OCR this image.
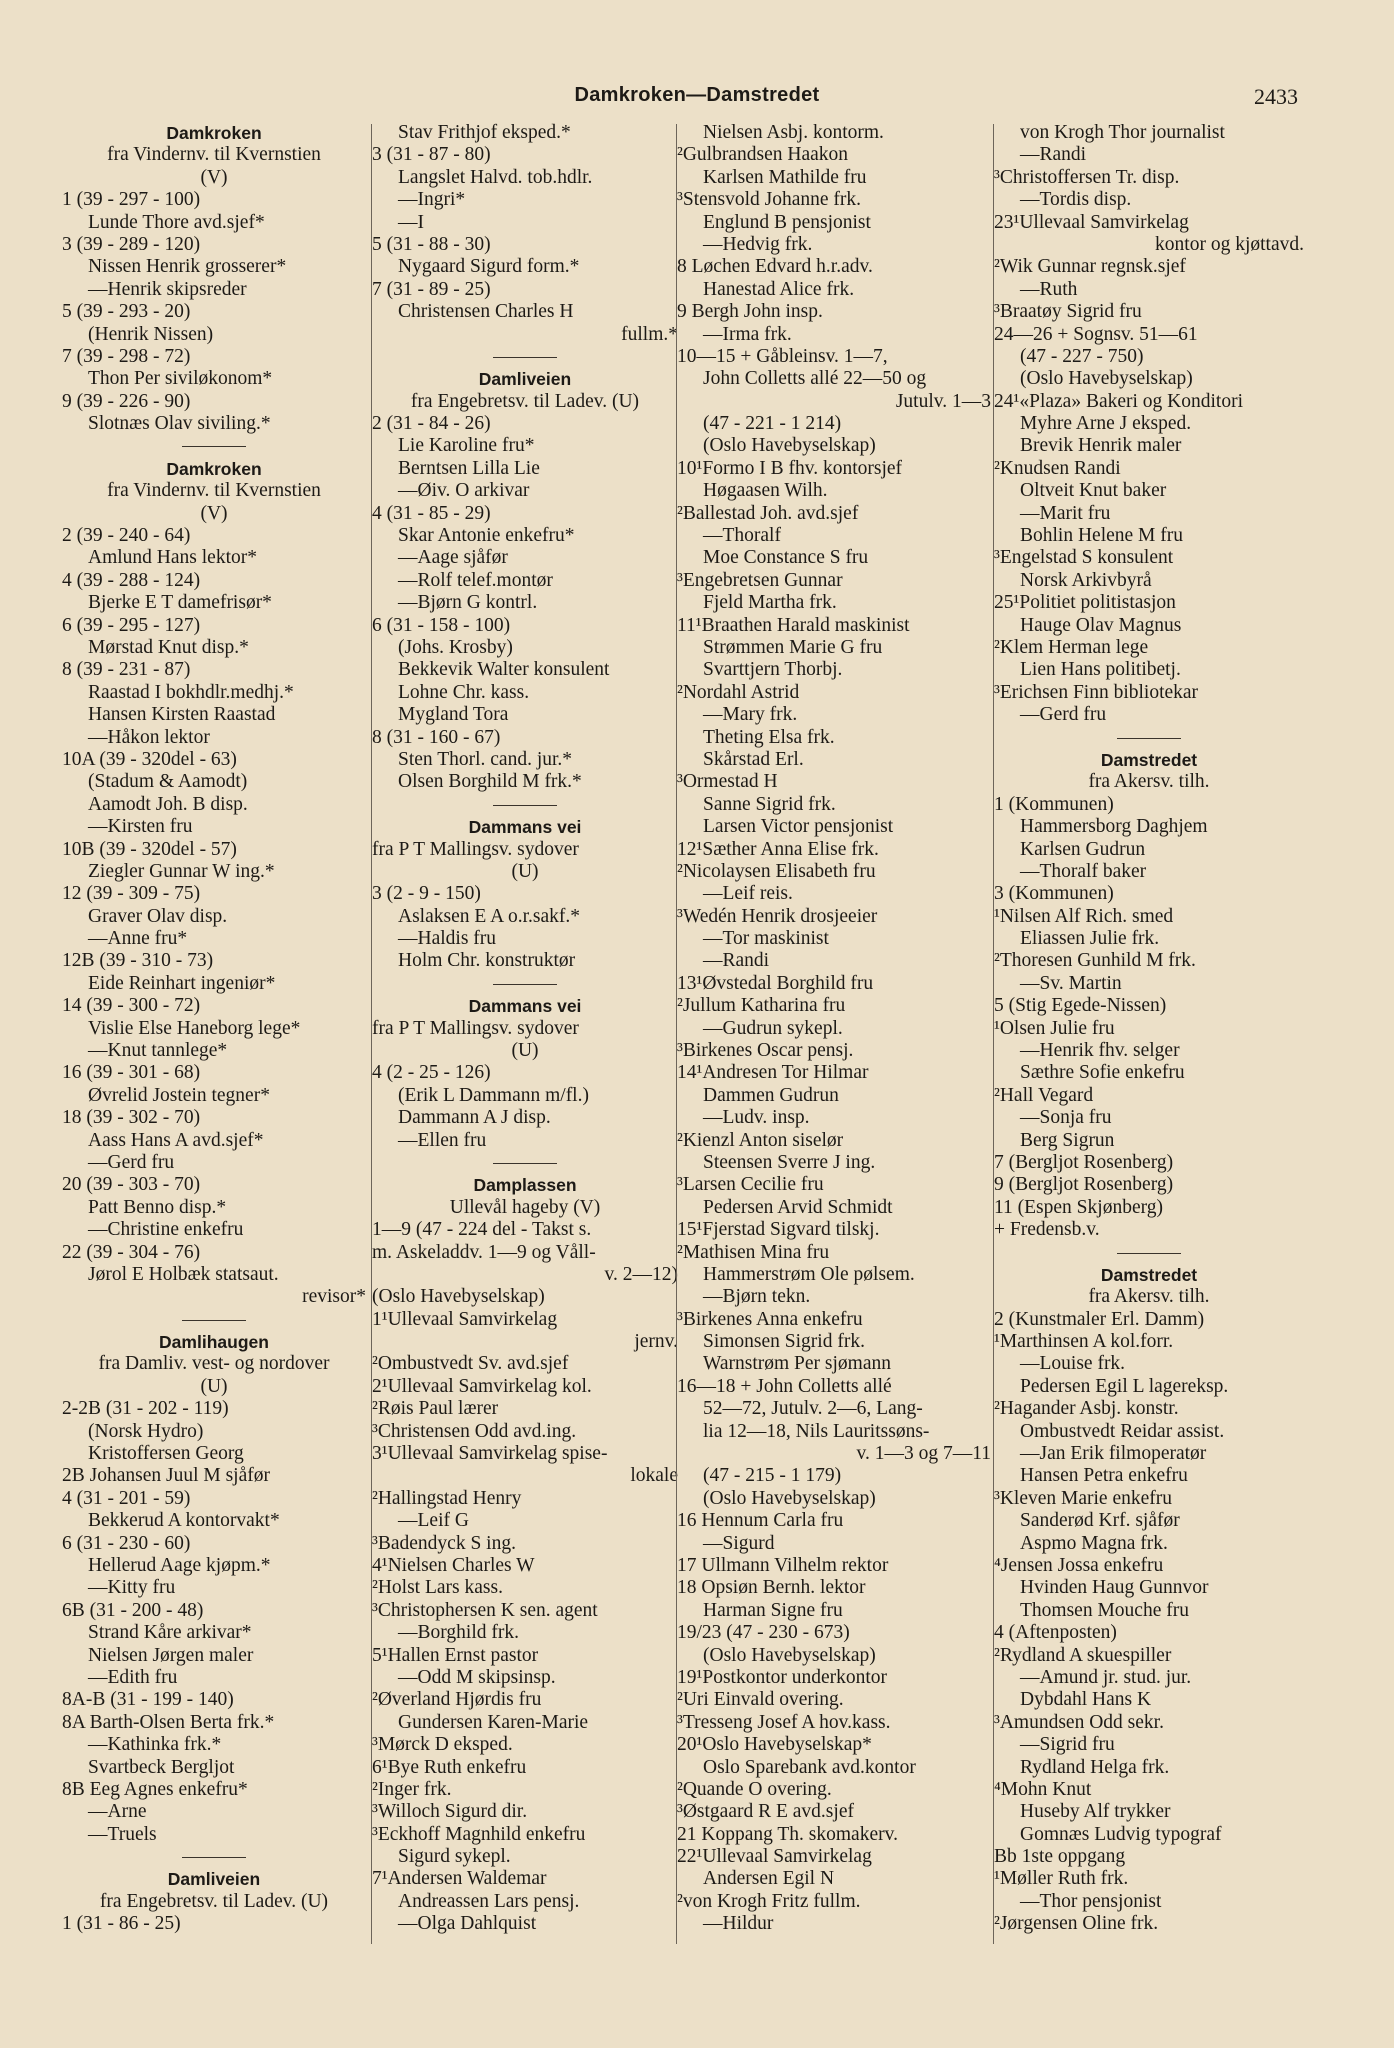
Damkroken—Damstredet	2433
Damkroken
fra Vindernv. til Kvernstien
(V)
1 (39 - 297 - 100)
Lunde Thore avd.sjef*
3 (39 - 289 - 120)
Nissen Henrik grosserer*
—Henrik skipsreder
5 (39 - 293 - 20)
(Henrik Nissen)
7 (39 - 298 - 72)
Thon Per siviløkonom*
9 (39 - 226 - 90)
Slotnæs Olav siviling.*
Damkroken
fra Vindernv. til Kvernstien
(V)
2 (39 - 240 - 64)
Amlund Hans lektor*
4 (39 - 288 - 124)
Bjerke E T damefrisør*
6 (39 - 295 - 127)
Mørstad Knut disp.*
8 (39 - 231 - 87)
Raastad I bokhdlr.medhj.*
Hansen Kirsten Raastad
—Håkon lektor
10A (39 - 320del - 63)
(Stadum & Aamodt)
Aamodt Joh. B disp.
—Kirsten fru
10B (39 - 320del - 57)
Ziegler Gunnar W ing.*
12 (39 - 309 - 75)
Graver Olav disp.
—Anne fru*
12B (39 - 310 - 73)
Eide Reinhart ingeniør*
14 (39 - 300 - 72)
Vislie Else Haneborg lege*
—Knut tannlege*
16 (39 - 301 - 68)
Øvrelid Jostein tegner*
18 (39 - 302 - 70)
Aass Hans A avd.sjef*
—Gerd fru
20 (39 - 303 - 70)
Patt Benno disp.*
—Christine enkefru
22 (39 - 304 - 76)
Jørol E Holbæk statsaut.
revisor*
Damlihaugen
fra Damliv. vest- og nordover
(U)
2-2B (31 - 202 - 119)
(Norsk Hydro)
Kristoffersen Georg
2B Johansen Juul M sjåfør
4 (31 - 201 - 59)
Bekkerud A kontorvakt*
6 (31 - 230 - 60)
Hellerud Aage kjøpm.*
—Kitty fru
6B (31 - 200 - 48)
Strand Kåre arkivar*
Nielsen Jørgen maler
—Edith fru
8A-B (31 - 199 - 140)
8A Barth-Olsen Berta frk.*
—Kathinka frk.*
Svartbeck Bergljot
8B Eeg Agnes enkefru*
—Arne
—Truels
Damliveien
fra Engebretsv. til Ladev. (U)
1 (31 - 86 - 25)
Stav Frithjof eksped.*
3 (31 - 87 - 80)
Langslet Halvd. tob.hdlr.
—Ingri*
—I
5 (31 - 88 - 30)
Nygaard Sigurd form.*
7 (31 - 89 - 25)
Christensen Charles H
fullm.*
Damliveien
fra Engebretsv. til Ladev. (U)
2 (31 - 84 - 26)
Lie Karoline fru*
Berntsen Lilla Lie
—Øiv. O arkivar
4 (31 - 85 - 29)
Skar Antonie enkefru*
—Aage sjåfør
—Rolf telef.montør
—Bjørn G kontrl.
6 (31 - 158 - 100)
(Johs. Krosby)
Bekkevik Walter konsulent
Lohne Chr. kass.
Mygland Tora
8 (31 - 160 - 67)
Sten Thorl. cand. jur.*
Olsen Borghild M frk.*
Dammans vei
fra P T Mallingsv. sydover
(U)
3 (2 - 9 - 150)
Aslaksen E A o.r.sakf.*
—Haldis fru
Holm Chr. konstruktør
Dammans vei
fra P T Mallingsv. sydover
(U)
4 (2 - 25 - 126)
(Erik L Dammann m/fl.)
Dammann A J disp.
—Ellen fru
Damplassen
Ullevål hageby (V)
1—9 (47 - 224 del - Takst s.
m. Askeladdv. 1—9 og Våll-
v. 2—12)
(Oslo Havebyselskap)
1¹Ullevaal Samvirkelag
jernv.
²Ombustvedt Sv. avd.sjef
2¹Ullevaal Samvirkelag kol.
²Røis Paul lærer
³Christensen Odd avd.ing.
3¹Ullevaal Samvirkelag spise-
lokale
²Hallingstad Henry
—Leif G
³Badendyck S ing.
4¹Nielsen Charles W
²Holst Lars kass.
³Christophersen K sen. agent
—Borghild frk.
5¹Hallen Ernst pastor
—Odd M skipsinsp.
²Øverland Hjørdis fru
Gundersen Karen-Marie
³Mørck D eksped.
6¹Bye Ruth enkefru
²Inger frk.
³Willoch Sigurd dir.
³Eckhoff Magnhild enkefru
Sigurd sykepl.
7¹Andersen Waldemar
Andreassen Lars pensj.
—Olga Dahlquist
Nielsen Asbj. kontorm.
²Gulbrandsen Haakon
Karlsen Mathilde fru
³Stensvold Johanne frk.
Englund B pensjonist
—Hedvig frk.
8 Løchen Edvard h.r.adv.
Hanestad Alice frk.
9 Bergh John insp.
—Irma frk.
10—15 + Gåbleinsv. 1—7,
John Colletts allé 22—50 og
Jutulv. 1—3
(47 - 221 - 1 214)
(Oslo Havebyselskap)
10¹Formo I B fhv. kontorsjef
Høgaasen Wilh.
²Ballestad Joh. avd.sjef
—Thoralf
Moe Constance S fru
³Engebretsen Gunnar
Fjeld Martha frk.
11¹Braathen Harald maskinist
Strømmen Marie G fru
Svarttjern Thorbj.
²Nordahl Astrid
—Mary frk.
Theting Elsa frk.
Skårstad Erl.
³Ormestad H
Sanne Sigrid frk.
Larsen Victor pensjonist
12¹Sæther Anna Elise frk.
²Nicolaysen Elisabeth fru
—Leif reis.
³Wedén Henrik drosjeeier
—Tor maskinist
—Randi
13¹Øvstedal Borghild fru
²Jullum Katharina fru
—Gudrun sykepl.
³Birkenes Oscar pensj.
14¹Andresen Tor Hilmar
Dammen Gudrun
—Ludv. insp.
²Kienzl Anton siselør
Steensen Sverre J ing.
³Larsen Cecilie fru
Pedersen Arvid Schmidt
15¹Fjerstad Sigvard tilskj.
²Mathisen Mina fru
Hammerstrøm Ole pølsem.
—Bjørn tekn.
³Birkenes Anna enkefru
Simonsen Sigrid frk.
Warnstrøm Per sjømann
16—18 + John Colletts allé
52—72, Jutulv. 2—6, Lang-
lia 12—18, Nils Lauritssøns-
v. 1—3 og 7—11
(47 - 215 - 1 179)
(Oslo Havebyselskap)
16 Hennum Carla fru
—Sigurd
17 Ullmann Vilhelm rektor
18 Opsiøn Bernh. lektor
Harman Signe fru
19/23 (47 - 230 - 673)
(Oslo Havebyselskap)
19¹Postkontor underkontor
²Uri Einvald overing.
³Tresseng Josef A hov.kass.
20¹Oslo Havebyselskap*
Oslo Sparebank avd.kontor
²Quande O overing.
³Østgaard R E avd.sjef
21 Koppang Th. skomakerv.
22¹Ullevaal Samvirkelag
Andersen Egil N
²von Krogh Fritz fullm.
—Hildur
von Krogh Thor journalist
—Randi
³Christoffersen Tr. disp.
—Tordis disp.
23¹Ullevaal Samvirkelag
kontor og kjøttavd.
²Wik Gunnar regnsk.sjef
—Ruth
³Braatøy Sigrid fru
24—26 + Sognsv. 51—61
(47 - 227 - 750)
(Oslo Havebyselskap)
24¹«Plaza» Bakeri og Konditori
Myhre Arne J eksped.
Brevik Henrik maler
²Knudsen Randi
Oltveit Knut baker
—Marit fru
Bohlin Helene M fru
³Engelstad S konsulent
Norsk Arkivbyrå
25¹Politiet politistasjon
Hauge Olav Magnus
²Klem Herman lege
Lien Hans politibetj.
³Erichsen Finn bibliotekar
—Gerd fru
Damstredet
fra Akersv. tilh.
1 (Kommunen)
Hammersborg Daghjem
Karlsen Gudrun
—Thoralf baker
3 (Kommunen)
¹Nilsen Alf Rich. smed
Eliassen Julie frk.
²Thoresen Gunhild M frk.
—Sv. Martin
5 (Stig Egede-Nissen)
¹Olsen Julie fru
—Henrik fhv. selger
Sæthre Sofie enkefru
²Hall Vegard
—Sonja fru
Berg Sigrun
7 (Bergljot Rosenberg)
9 (Bergljot Rosenberg)
11 (Espen Skjønberg)
+ Fredensb.v.
Damstredet
fra Akersv. tilh.
2 (Kunstmaler Erl. Damm)
¹Marthinsen A kol.forr.
—Louise frk.
Pedersen Egil L lagereksp.
²Hagander Asbj. konstr.
Ombustvedt Reidar assist.
—Jan Erik filmoperatør
Hansen Petra enkefru
³Kleven Marie enkefru
Sanderød Krf. sjåfør
Aspmo Magna frk.
⁴Jensen Jossa enkefru
Hvinden Haug Gunnvor
Thomsen Mouche fru
4 (Aftenposten)
²Rydland A skuespiller
—Amund jr. stud. jur.
Dybdahl Hans K
³Amundsen Odd sekr.
—Sigrid fru
Rydland Helga frk.
⁴Mohn Knut
Huseby Alf trykker
Gomnæs Ludvig typograf
Bb 1ste oppgang
¹Møller Ruth frk.
—Thor pensjonist
²Jørgensen Oline frk.
